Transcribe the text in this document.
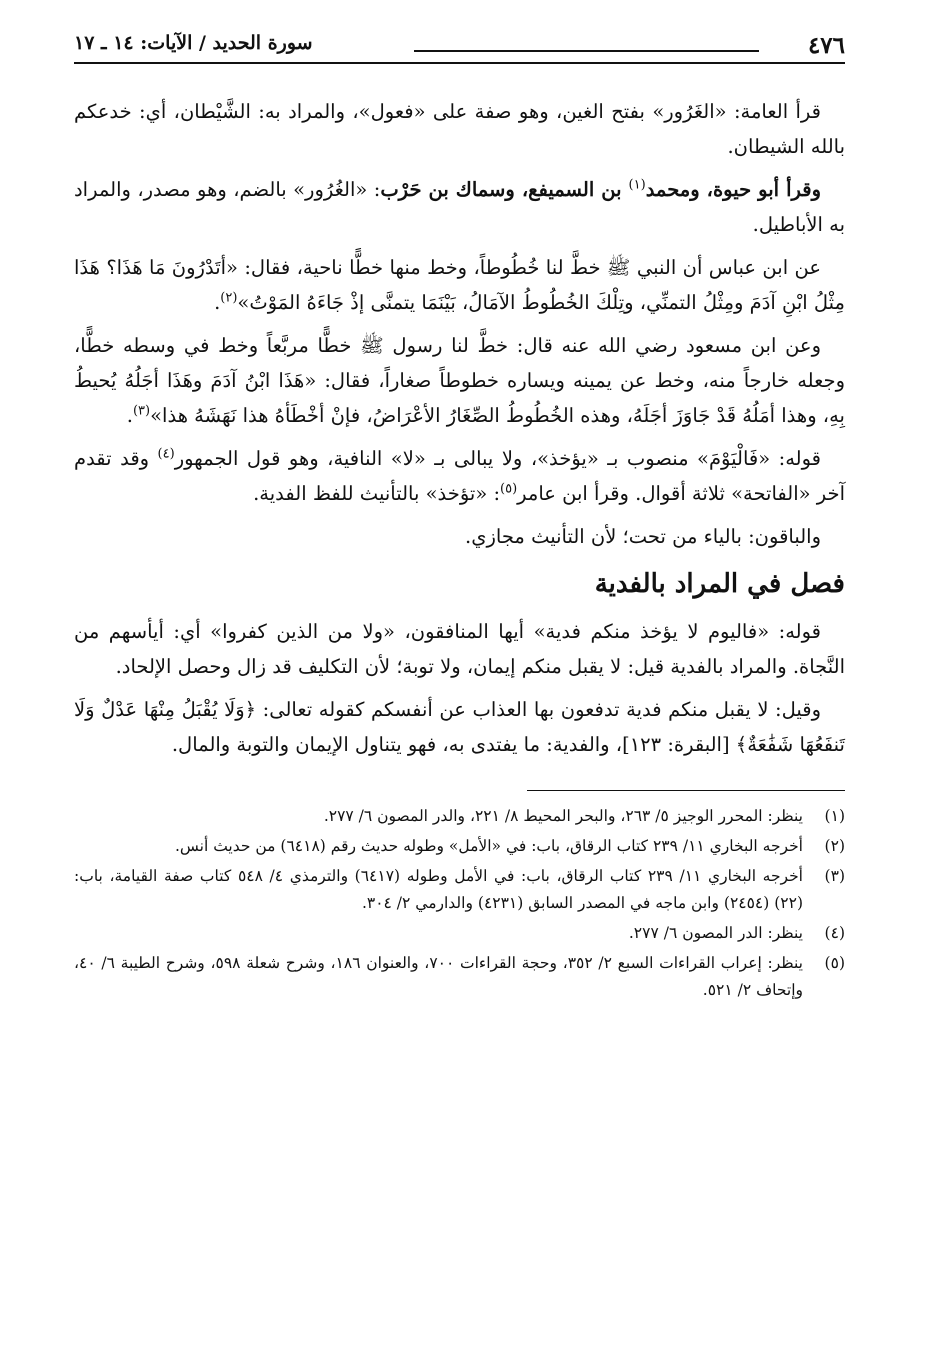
٤٧٦
سورة الحديد / الآيات: ١٤ ـ ١٧

قرأ العامة: «الغَرُور» بفتح الغين، وهو صفة على «فعول»، والمراد به: الشَّيْطان، أي: خدعكم بالله الشيطان.

وقرأ أبو حيوة، ومحمد$^{(١)}$ بن السميفع، وسماك بن حَرْب: «الغُرُور» بالضم، وهو مصدر، والمراد به الأباطيل.

عن ابن عباس أن النبي ﷺ خطَّ لنا خُطُوطاً، وخط منها خطًّا ناحية، فقال: «أتَدْرُونَ مَا هَذَا؟ هَذَا مِثْلُ ابْنِ آدَمَ ومِثْلُ التمنِّي، وتِلْكَ الخُطُوطُ الآمَالُ، بَيْنَمَا يتمنَّى إذْ جَاءَهُ المَوْتُ»$^{(٢)}$.

وعن ابن مسعود رضي الله عنه قال: خطَّ لنا رسول ﷺ خطًّا مربَّعاً وخط في وسطه خطًّا، وجعله خارجاً منه، وخط عن يمينه ويساره خطوطاً صغاراً، فقال: «هَذَا ابْنُ آدَمَ وهَذَا أجَلُهُ يُحيطُ بِهِ، وهذا أمَلُهُ قَدْ جَاوَزَ أجَلَهُ، وهذه الخُطُوطُ الصِّغَارُ الأعْرَاضُ، فإنْ أخْطَأهُ هذا نَهَشَهُ هذا»$^{(٣)}$.

قوله: «فَالْيَوْمَ» منصوب بـ «يؤخذ»، ولا يبالى بـ «لا» النافية، وهو قول الجمهور$^{(٤)}$ وقد تقدم آخر «الفاتحة» ثلاثة أقوال. وقرأ ابن عامر$^{(٥)}$: «تؤخذ» بالتأنيث للفظ الفدية.

والباقون: بالياء من تحت؛ لأن التأنيث مجازي.

فصل في المراد بالفدية

قوله: «فاليوم لا يؤخذ منكم فدية» أيها المنافقون، «ولا من الذين كفروا» أي: أيأسهم من النَّجاة. والمراد بالفدية قيل: لا يقبل منكم إيمان، ولا توبة؛ لأن التكليف قد زال وحصل الإلحاد.

وقيل: لا يقبل منكم فدية تدفعون بها العذاب عن أنفسكم كقوله تعالى: ﴿وَلَا يُقْبَلُ مِنْهَا عَدْلٌ وَلَا تَنفَعُهَا شَفَٰعَةٌ﴾ [البقرة: ١٢٣]، والفدية: ما يفتدى به، فهو يتناول الإيمان والتوبة والمال.

(١)
ينظر: المحرر الوجيز ٥/ ٢٦٣، والبحر المحيط ٨/ ٢٢١، والدر المصون ٦/ ٢٧٧.
(٢)
أخرجه البخاري ١١/ ٢٣٩ كتاب الرقاق، باب: في «الأمل» وطوله حديث رقم (٦٤١٨) من حديث أنس.
(٣)
أخرجه البخاري ١١/ ٢٣٩ كتاب الرقاق، باب: في الأمل وطوله (٦٤١٧) والترمذي ٤/ ٥٤٨ كتاب صفة القيامة، باب: (٢٢) (٢٤٥٤) وابن ماجه في المصدر السابق (٤٢٣١) والدارمي ٢/ ٣٠٤.
(٤)
ينظر: الدر المصون ٦/ ٢٧٧.
(٥)
ينظر: إعراب القراءات السبع ٢/ ٣٥٢، وحجة القراءات ٧٠٠، والعنوان ١٨٦، وشرح شعلة ٥٩٨، وشرح الطيبة ٦/ ٤٠، وإتحاف ٢/ ٥٢١.
